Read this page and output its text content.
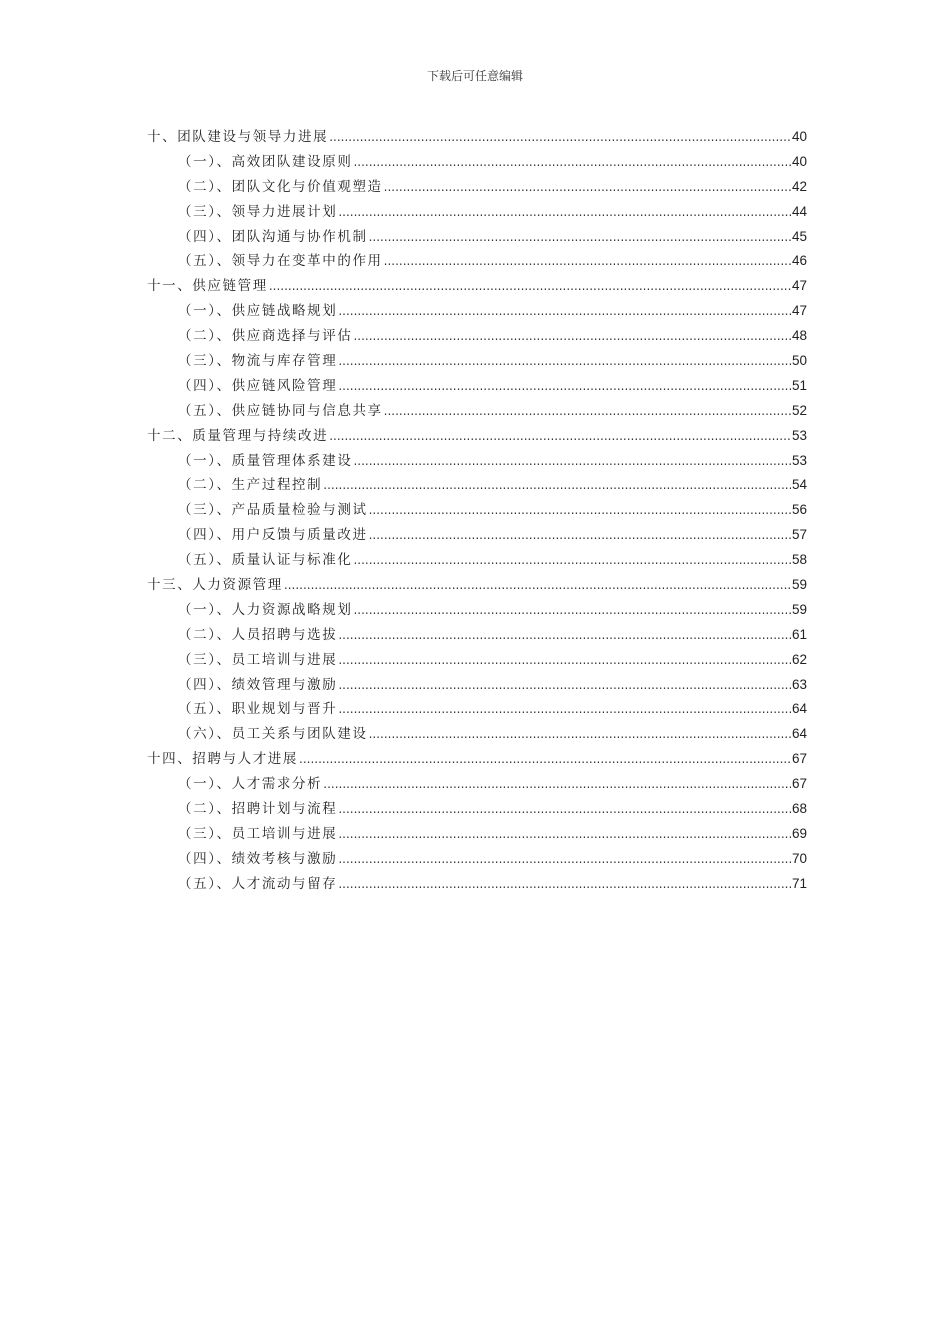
下载后可任意编辑
十、团队建设与领导力进展 .....	40
（一）、高效团队建设原则 .....	40
（二）、团队文化与价值观塑造 .....	42
（三）、领导力进展计划 .....	44
（四）、团队沟通与协作机制 .....	45
（五）、领导力在变革中的作用 .....	46
十一、供应链管理 .....	47
（一）、供应链战略规划 .....	47
（二）、供应商选择与评估 .....	48
（三）、物流与库存管理 .....	50
（四）、供应链风险管理 .....	51
（五）、供应链协同与信息共享 .....	52
十二、质量管理与持续改进 .....	53
（一）、质量管理体系建设 .....	53
（二）、生产过程控制 .....	54
（三）、产品质量检验与测试 .....	56
（四）、用户反馈与质量改进 .....	57
（五）、质量认证与标准化 .....	58
十三、人力资源管理 .....	59
（一）、人力资源战略规划 .....	59
（二）、人员招聘与选拔 .....	61
（三）、员工培训与进展 .....	62
（四）、绩效管理与激励 .....	63
（五）、职业规划与晋升 .....	64
（六）、员工关系与团队建设 .....	64
十四、招聘与人才进展 .....	67
（一）、人才需求分析 .....	67
（二）、招聘计划与流程 .....	68
（三）、员工培训与进展 .....	69
（四）、绩效考核与激励 .....	70
（五）、人才流动与留存 .....	71
